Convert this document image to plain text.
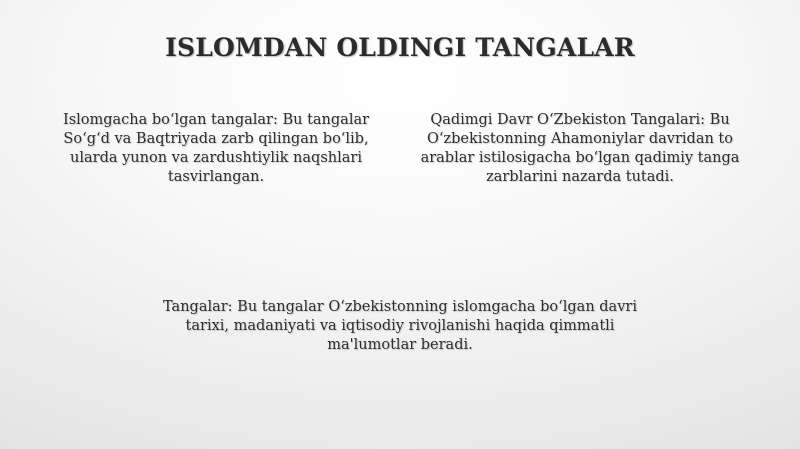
ISLOMDAN OLDINGI TANGALAR
Islomgacha bo‘lgan tangalar: Bu tangalar So‘g‘d va Baqtriyada zarb qilingan bo‘lib, ularda yunon va zardushtiylik naqshlari tasvirlangan.
Qadimgi Davr O‘Zbekiston Tangalari: Bu O‘zbekistonning Ahamoniylar davridan to arablar istilosigacha bo‘lgan qadimiy tanga zarblarini nazarda tutadi.
Tangalar: Bu tangalar O‘zbekistonning islomgacha bo‘lgan davri tarixi, madaniyati va iqtisodiy rivojlanishi haqida qimmatli ma'lumotlar beradi.
